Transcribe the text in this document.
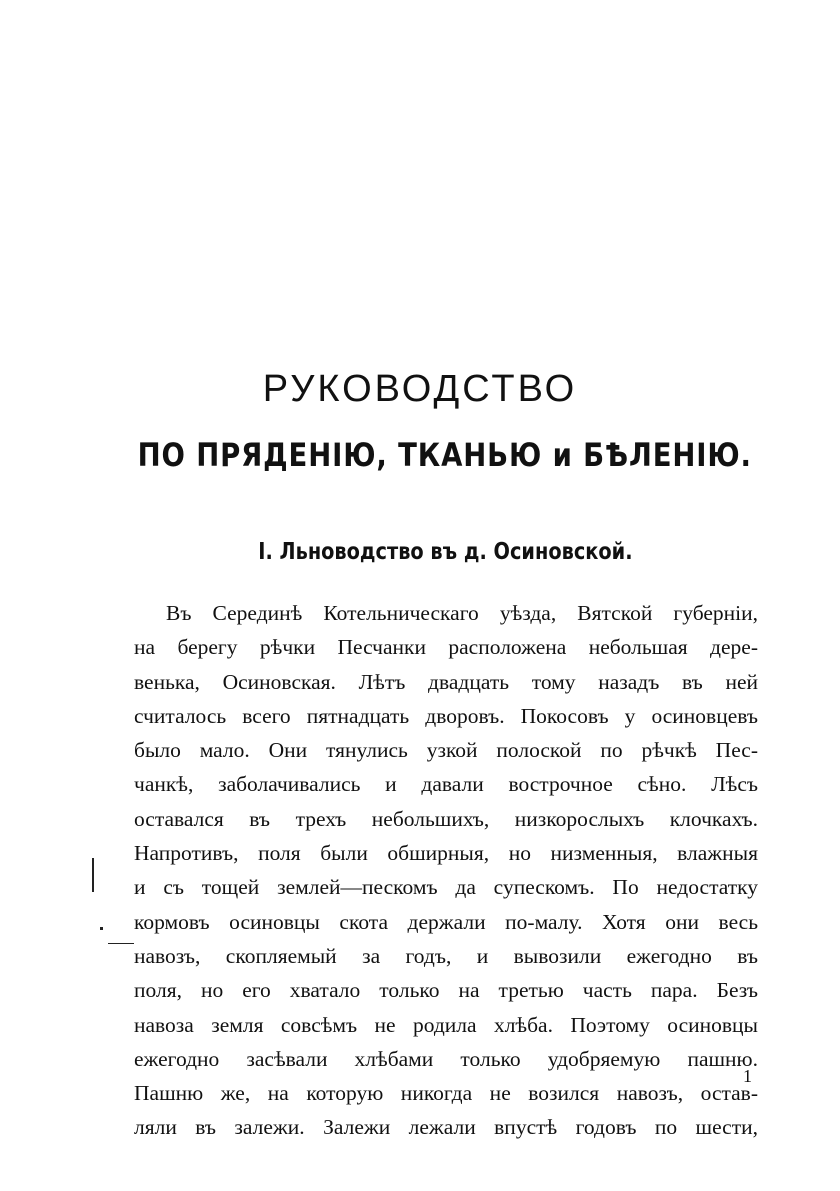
РУКОВОДСТВО
ПО ПРЯДЕНІЮ, ТКАНЬЮ и БѢЛЕНІЮ.
I. Льноводство въ д. Осиновской.
Въ Серединѣ Котельническаго уѣзда, Вятской губерніи,
на берегу рѣчки Песчанки расположена небольшая дере-
венька, Осиновская. Лѣтъ двадцать тому назадъ въ ней
считалось всего пятнадцать дворовъ. Покосовъ у осиновцевъ
было мало. Они тянулись узкой полоской по рѣчкѣ Пес-
чанкѣ, заболачивались и давали вострочное сѣно. Лѣсъ
оставался въ трехъ небольшихъ, низкорослыхъ клочкахъ.
Напротивъ, поля были обширныя, но низменныя, влажныя
и съ тощей землей—пескомъ да супескомъ. По недостатку
кормовъ осиновцы скота держали по-малу. Хотя они весь
навозъ, скопляемый за годъ, и вывозили ежегодно въ
поля, но его хватало только на третью часть пара. Безъ
навоза земля совсѣмъ не родила хлѣба. Поэтому осиновцы
ежегодно засѣвали хлѣбами только удобряемую пашню.
Пашню же, на которую никогда не возился навозъ, остав-
ляли въ залежи. Залежи лежали впустѣ годовъ по шести,
1
